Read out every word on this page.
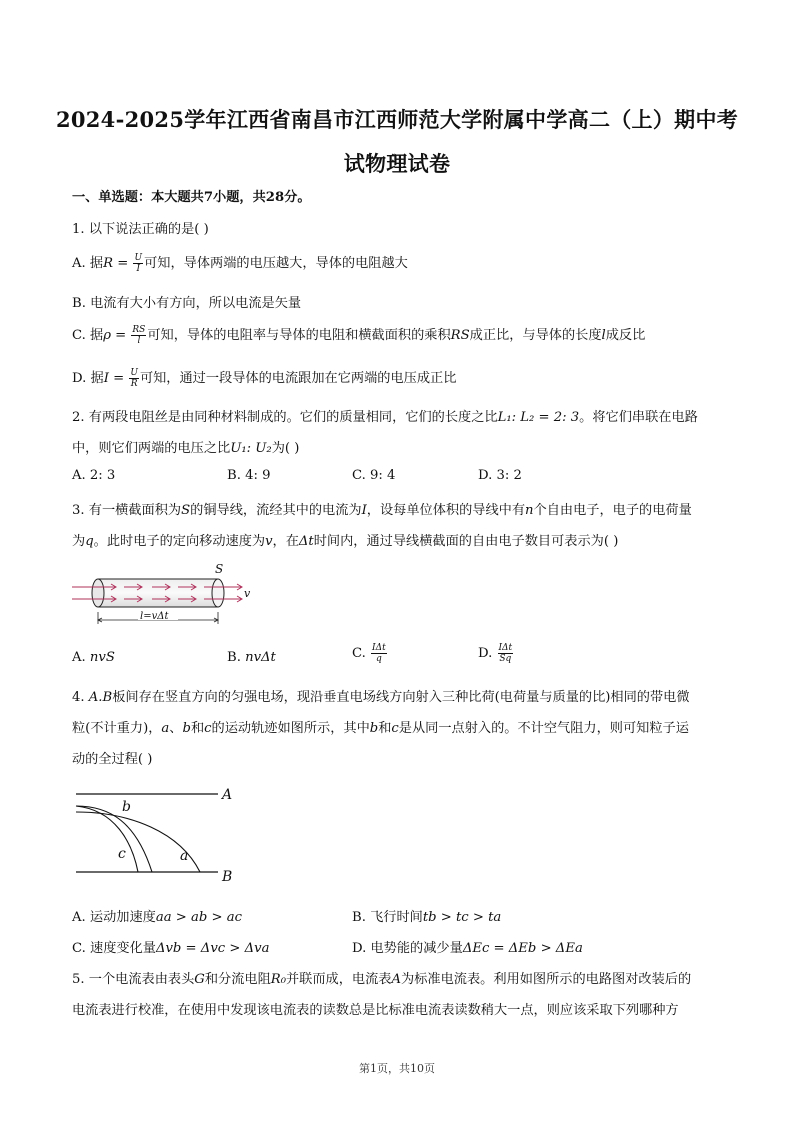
2024-2025学年江西省南昌市江西师范大学附属中学高二（上）期中考
试物理试卷
一、单选题：本大题共7小题，共28分。
1. 以下说法正确的是( )
A. 据$R = \frac{U}{I}$ 可知，导体两端的电压越大，导体的电阻越大
B. 电流有大小有方向，所以电流是矢量
C. 据$\rho = \frac{RS}{l}$ 可知，导体的电阻率与导体的电阻和横截面积的乘积RS成正比，与导体的长度l成反比
D. 据$I = \frac{U}{R}$ 可知，通过一段导体的电流跟加在它两端的电压成正比
2. 有两段电阻丝是由同种材料制成的。它们的质量相同，它们的长度之比L₁: L₂ = 2: 3。将它们串联在电路
中，则它们两端的电压之比U₁: U₂为( )
A. 2: 3	B. 4: 9	C. 9: 4	D. 3: 2
3. 有一横截面积为S的铜导线，流经其中的电流为I，设每单位体积的导线中有n个自由电子，电子的电荷量
为q。此时电子的定向移动速度为v，在Δt时间内，通过导线横截面的自由电子数目可表示为( )
S
v
l=vΔt
A. nvS	B. nvΔt	C. $\frac{\text{IΔt}}{q}$	D. $\frac{\text{IΔt}}{Sq}$
4. A.B板间存在竖直方向的匀强电场，现沿垂直电场线方向射入三种比荷(电荷量与质量的比)相同的带电微
粒(不计重力)，a、b和c的运动轨迹如图所示，其中b和c是从同一点射入的。不计空气阻力，则可知粒子运
动的全过程( )
A
B
b
c	a
A. 运动加速度aa > ab > ac	B. 飞行时间tb > tc > ta
C. 速度变化量Δvb = Δvc > Δva	D. 电势能的减少量ΔEc = ΔEb > ΔEa
5. 一个电流表由表头G和分流电阻R₀并联而成，电流表A为标准电流表。利用如图所示的电路图对改装后的
电流表进行校准，在使用中发现该电流表的读数总是比标准电流表读数稍大一点，则应该采取下列哪种方
第1页，共10页
